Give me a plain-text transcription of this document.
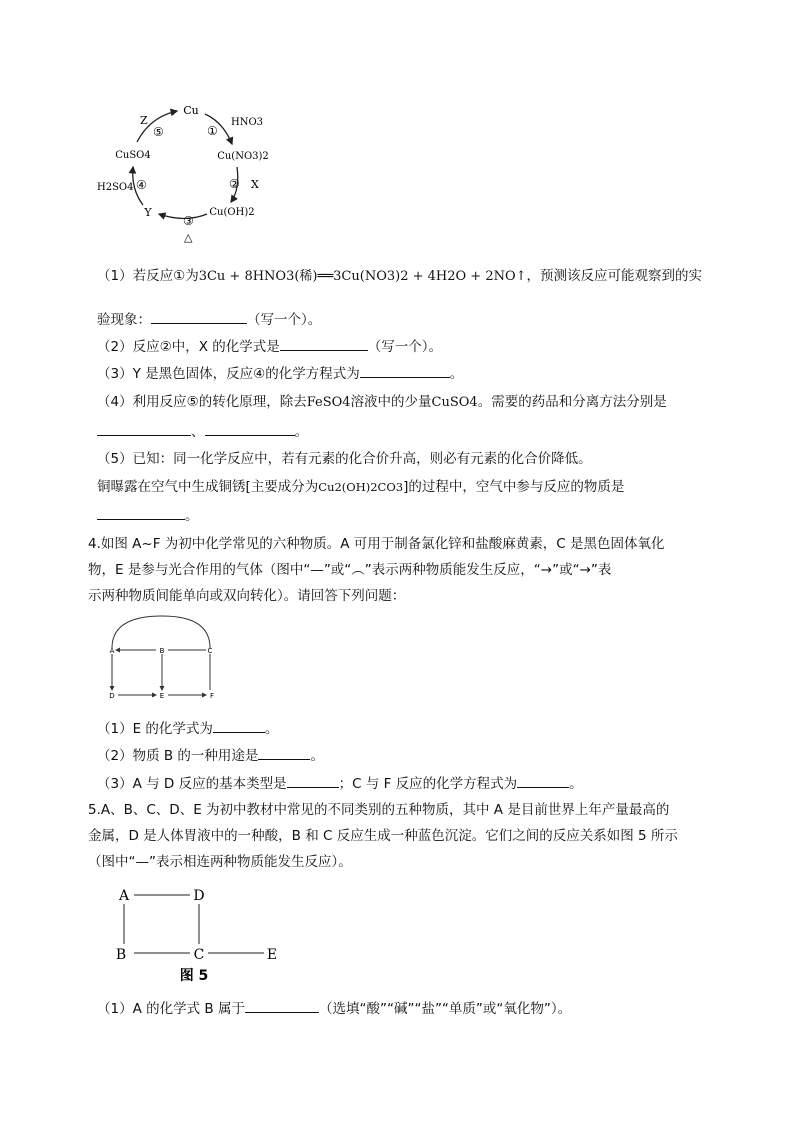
Cu
Cu(NO3)2
Cu(OH)2
Y
CuSO4
HNO3
X
H2SO4
Z
①
②
③
④
⑤
△
（1）若反应①为3Cu + 8HNO3(稀)══3Cu(NO3)2 + 4H2O + 2NO↑，预测该反应可能观察到的实
验现象：	（写一个）。
（2）反应②中，X 的化学式是	（写一个）。
（3）Y 是黑色固体，反应④的化学方程式为	。
（4）利用反应⑤的转化原理，除去FeSO4溶液中的少量CuSO4。需要的药品和分离方法分别是
、	。
（5）已知：同一化学反应中，若有元素的化合价升高，则必有元素的化合价降低。
铜曝露在空气中生成铜锈[主要成分为Cu2(OH)2CO3]的过程中，空气中参与反应的物质是
。
4.如图 A~F 为初中化学常见的六种物质。A 可用于制备氯化锌和盐酸麻黄素，C 是黑色固体氧化
物，E 是参与光合作用的气体（图中“—”或“︵”表示两种物质能发生反应，“→”或“→”表
示两种物质间能单向或双向转化）。请回答下列问题：
A	B	C
D	E	F
（1）E 的化学式为	。
（2）物质 B 的一种用途是	。
（3）A 与 D 反应的基本类型是	；C 与 F 反应的化学方程式为	。
5.A、B、C、D、E 为初中教材中常见的不同类别的五种物质，其中 A 是目前世界上年产量最高的
金属，D 是人体胃液中的一种酸，B 和 C 反应生成一种蓝色沉淀。它们之间的反应关系如图 5 所示
（图中“—”表示相连两种物质能发生反应）。
A	D
B	C	E
图 5
（1）A 的化学式 B 属于	（选填“酸”“碱”“盐”“单质”或“氧化物”）。
